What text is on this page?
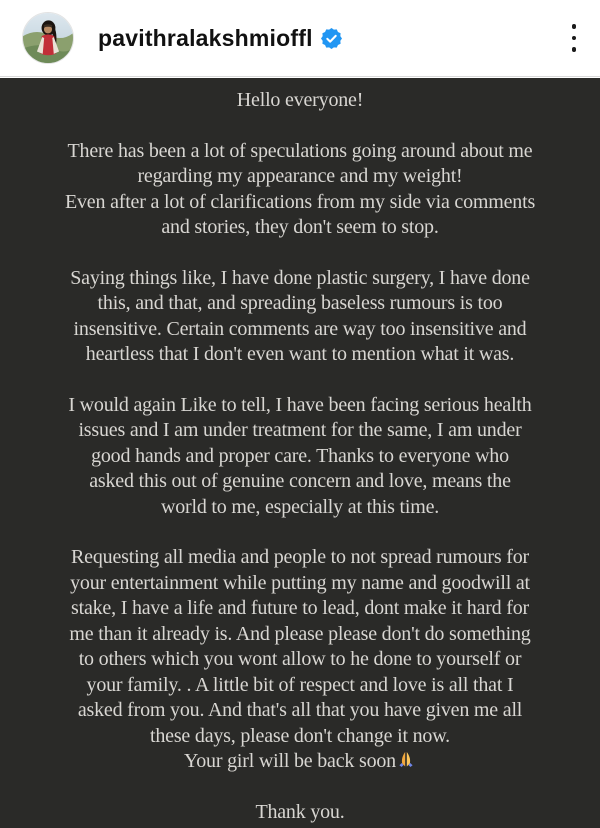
pavithralakshmioffl
Hello everyone!
There has been a lot of speculations going around about me
regarding my appearance and my weight!
Even after a lot of clarifications from my side via comments
and stories, they don't seem to stop.
Saying things like, I have done plastic surgery, I have done
this, and that, and spreading baseless rumours is too
insensitive. Certain comments are way too insensitive and
heartless that I don't even want to mention what it was.
I would again Like to tell, I have been facing serious health
issues and I am under treatment for the same, I am under
good hands and proper care. Thanks to everyone who
asked this out of genuine concern and love, means the
world to me, especially at this time.
Requesting all media and people to not spread rumours for
your entertainment while putting my name and goodwill at
stake, I have a life and future to lead, dont make it hard for
me than it already is. And please please don't do something
to others which you wont allow to he done to yourself or
your family. . A little bit of respect and love is all that I
asked from you. And that's all that you have given me all
these days, please don't change it now.
Your girl will be back soon
Thank you.
